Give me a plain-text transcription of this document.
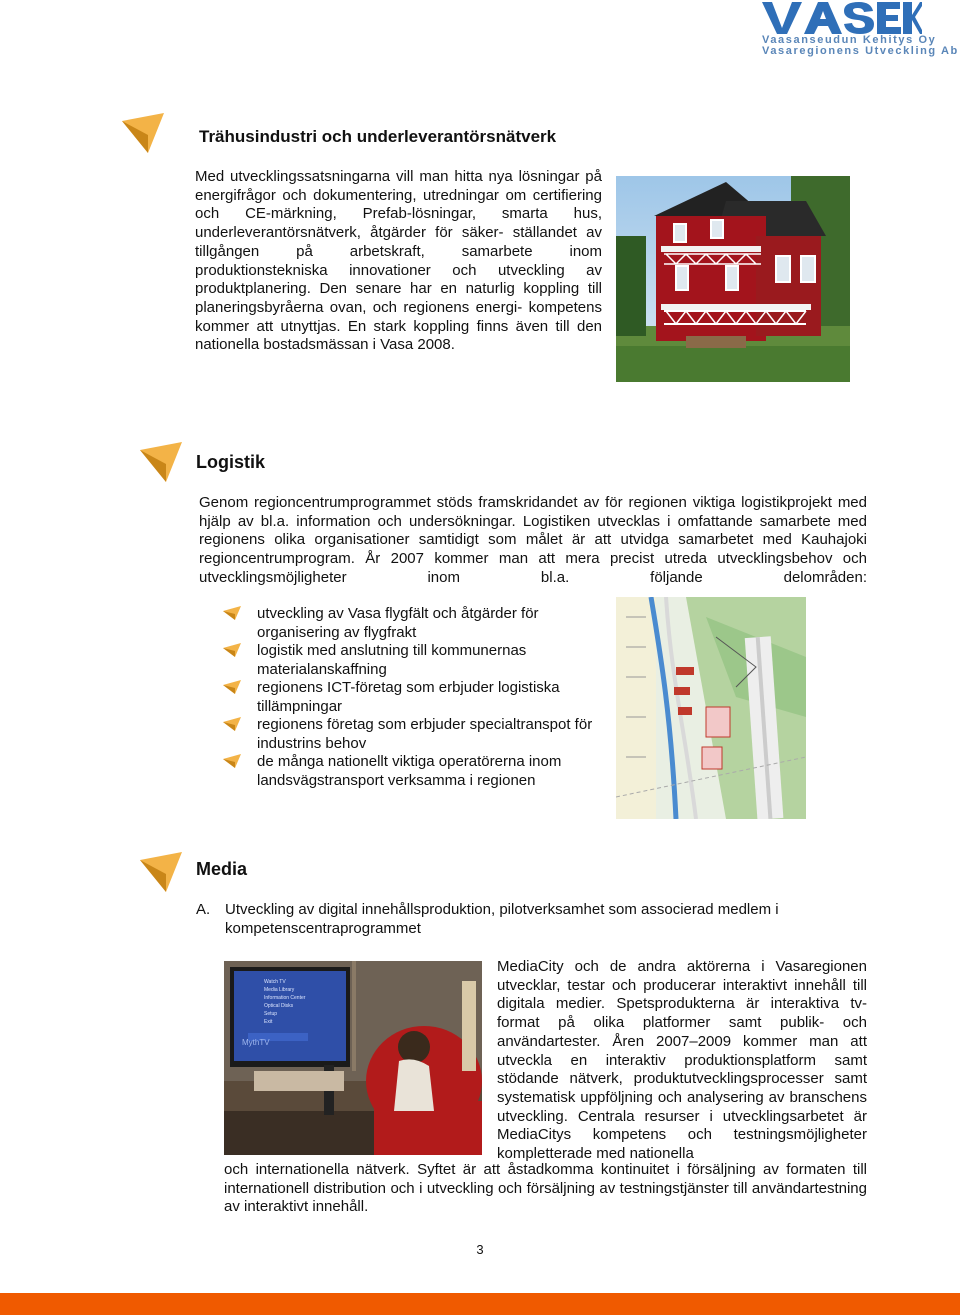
Vaasanseudun Kehitys Oy
Vasaregionens Utveckling Ab
Trähusindustri och underleverantörsnätverk
Med utvecklingssatsningarna vill man hitta nya lösningar på energifrågor och dokumentering, utredningar om certifiering och CE-märkning, Prefab-lösningar, smarta hus, underleverantörsnätverk, åtgärder för säker- ställandet av tillgången på arbetskraft, samarbete inom produktionstekniska innovationer och utveckling av produktplanering. Den senare har en naturlig koppling till planeringsbyråerna ovan, och regionens energi- kompetens kommer att utnyttjas. En stark koppling finns även till den nationella bostadsmässan i Vasa 2008.
Logistik
Genom regioncentrumprogrammet stöds framskridandet av för regionen viktiga logistikprojekt med hjälp av bl.a. information och undersökningar. Logistiken utvecklas i omfattande samarbete med regionens olika organisationer samtidigt som målet är att utvidga samarbetet med Kauhajoki regioncentrumprogram. År 2007 kommer man att mera precist utreda utvecklingsbehov och utvecklingsmöjligheter inom bl.a. följande delområden:
utveckling av Vasa flygfält och åtgärder för organisering av flygfrakt
logistik med anslutning till kommunernas materialanskaffning
regionens ICT-företag som erbjuder logistiska tillämpningar
regionens företag som erbjuder specialtranspot för industrins behov
de många nationellt viktiga operatörerna inom landsvägstransport verksamma i regionen
Media
A. Utveckling av digital innehållsproduktion, pilotverksamhet som associerad medlem i kompetenscentraprogrammet
MythTV
Watch TV
Media Library
Information Center
Optical Disks
Setup
Exit
MediaCity och de andra aktörerna i Vasaregionen utvecklar, testar och producerar interaktivt innehåll till digitala medier. Spetsprodukterna är interaktiva tv-format på olika platformer samt publik- och användartester. Åren 2007–2009 kommer man att utveckla en interaktiv produktionsplatform samt stödande nätverk, produktutvecklingsprocesser samt systematisk uppföljning och analysering av branschens utveckling. Centrala resurser i utvecklingsarbetet är MediaCitys kompetens och testningsmöjligheter kompletterade med nationella
och internationella nätverk. Syftet är att åstadkomma kontinuitet i försäljning av formaten till internationell distribution och i utveckling och försäljning av testningstjänster till användartestning av interaktivt innehåll.
3
